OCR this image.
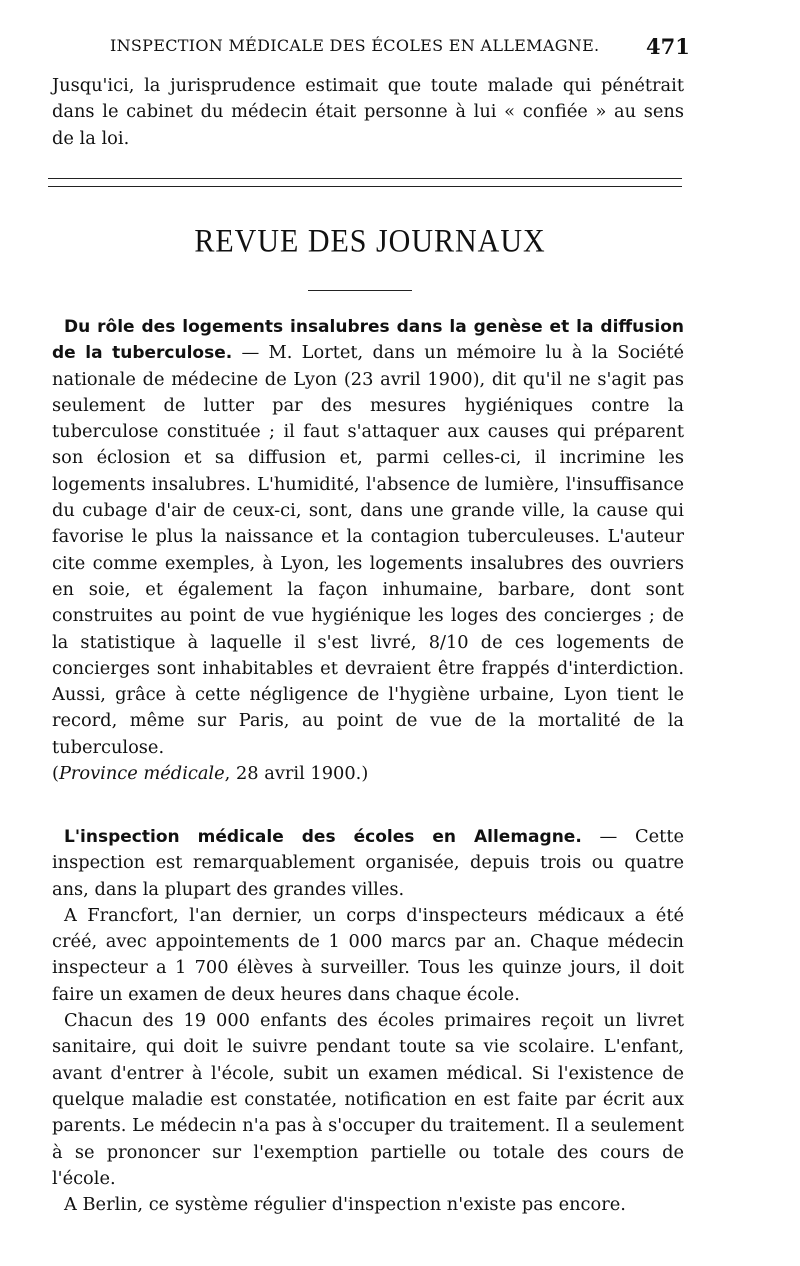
INSPECTION MÉDICALE DES ÉCOLES EN ALLEMAGNE. 471

Jusqu'ici, la jurisprudence estimait que toute malade qui pénétrait dans le cabinet du médecin était personne à lui « confiée » au sens de la loi.

REVUE DES JOURNAUX

Du rôle des logements insalubres dans la genèse et la diffusion de la tuberculose. — M. Lortet, dans un mémoire lu à la Société nationale de médecine de Lyon (23 avril 1900), dit qu'il ne s'agit pas seulement de lutter par des mesures hygiéniques contre la tuberculose constituée ; il faut s'attaquer aux causes qui préparent son éclosion et sa diffusion et, parmi celles-ci, il incrimine les logements insalubres. L'humidité, l'absence de lumière, l'insuffisance du cubage d'air de ceux-ci, sont, dans une grande ville, la cause qui favorise le plus la naissance et la contagion tuberculeuses. L'auteur cite comme exemples, à Lyon, les logements insalubres des ouvriers en soie, et également la façon inhumaine, barbare, dont sont construites au point de vue hygiénique les loges des concierges ; de la statistique à laquelle il s'est livré, 8/10 de ces logements de concierges sont inhabitables et devraient être frappés d'interdiction. Aussi, grâce à cette négligence de l'hygiène urbaine, Lyon tient le record, même sur Paris, au point de vue de la mortalité de la tuberculose.
(Province médicale, 28 avril 1900.)

L'inspection médicale des écoles en Allemagne. — Cette inspection est remarquablement organisée, depuis trois ou quatre ans, dans la plupart des grandes villes.

A Francfort, l'an dernier, un corps d'inspecteurs médicaux a été créé, avec appointements de 1 000 marcs par an. Chaque médecin inspecteur a 1 700 élèves à surveiller. Tous les quinze jours, il doit faire un examen de deux heures dans chaque école.

Chacun des 19 000 enfants des écoles primaires reçoit un livret sanitaire, qui doit le suivre pendant toute sa vie scolaire. L'enfant, avant d'entrer à l'école, subit un examen médical. Si l'existence de quelque maladie est constatée, notification en est faite par écrit aux parents. Le médecin n'a pas à s'occuper du traitement. Il a seulement à se prononcer sur l'exemption partielle ou totale des cours de l'école.

A Berlin, ce système régulier d'inspection n'existe pas encore.
